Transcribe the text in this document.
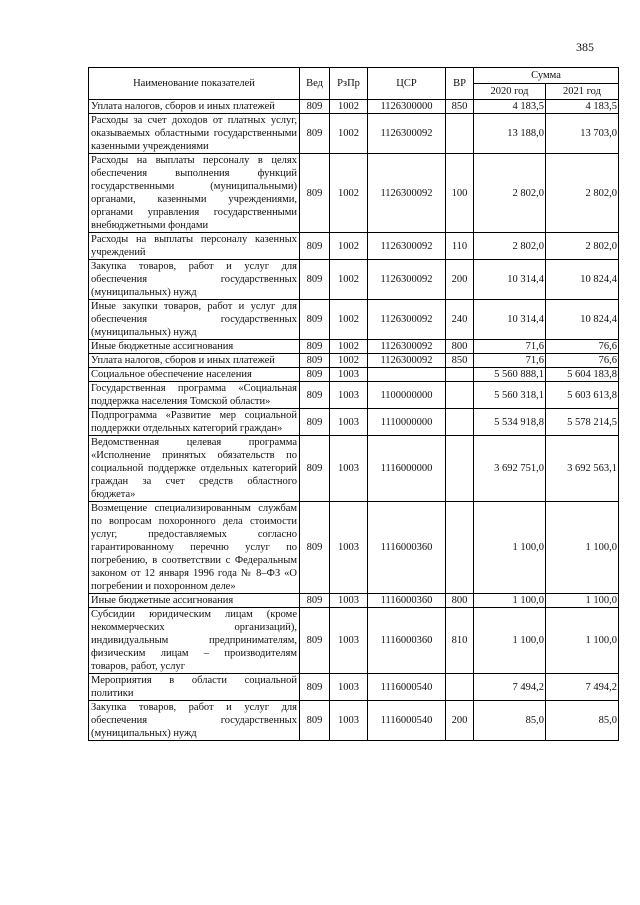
385
Наименование показателей	Вед	РзПр	ЦСР	ВР	Сумма	
					2020 год	2021 год
Уплата налогов, сборов и иных платежей	809	1002	1126300000	850	4 183,5	4 183,5
Расходы за счет доходов от платных услуг, оказываемых областными государственными казенными учреждениями	809	1002	1126300092		13 188,0	13 703,0
Расходы на выплаты персоналу в целях обеспечения выполнения функций государственными (муниципальными) органами, казенными учреждениями, органами управления государственными внебюджетными фондами	809	1002	1126300092	100	2 802,0	2 802,0
Расходы на выплаты персоналу казенных учреждений	809	1002	1126300092	110	2 802,0	2 802,0
Закупка товаров, работ и услуг для обеспечения государственных (муниципальных) нужд	809	1002	1126300092	200	10 314,4	10 824,4
Иные закупки товаров, работ и услуг для обеспечения государственных (муниципальных) нужд	809	1002	1126300092	240	10 314,4	10 824,4
Иные бюджетные ассигнования	809	1002	1126300092	800	71,6	76,6
Уплата налогов, сборов и иных платежей	809	1002	1126300092	850	71,6	76,6
Социальное обеспечение населения	809	1003			5 560 888,1	5 604 183,8
Государственная программа «Социальная поддержка населения Томской области»	809	1003	1100000000		5 560 318,1	5 603 613,8
Подпрограмма «Развитие мер социальной поддержки отдельных категорий граждан»	809	1003	1110000000		5 534 918,8	5 578 214,5
Ведомственная целевая программа «Исполнение принятых обязательств по социальной поддержке отдельных категорий граждан за счет средств областного бюджета»	809	1003	1116000000		3 692 751,0	3 692 563,1
Возмещение специализированным службам по вопросам похоронного дела стоимости услуг, предоставляемых согласно гарантированному перечню услуг по погребению, в соответствии с Федеральным законом от 12 января 1996 года № 8–ФЗ «О погребении и похоронном деле»	809	1003	1116000360		1 100,0	1 100,0
Иные бюджетные ассигнования	809	1003	1116000360	800	1 100,0	1 100,0
Субсидии юридическим лицам (кроме некоммерческих организаций), индивидуальным предпринимателям, физическим лицам – производителям товаров, работ, услуг	809	1003	1116000360	810	1 100,0	1 100,0
Мероприятия в области социальной политики	809	1003	1116000540		7 494,2	7 494,2
Закупка товаров, работ и услуг для обеспечения государственных (муниципальных) нужд	809	1003	1116000540	200	85,0	85,0
